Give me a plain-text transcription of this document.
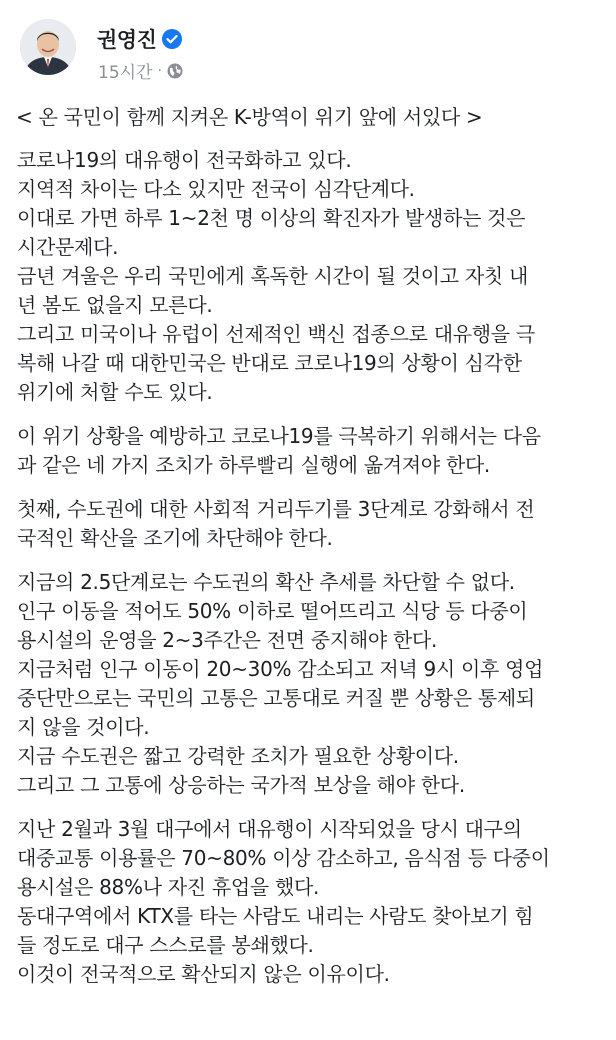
권영진
15시간 ·

< 온 국민이 함께 지켜온 K-방역이 위기 앞에 서있다 >

코로나19의 대유행이 전국화하고 있다.
지역적 차이는 다소 있지만 전국이 심각단계다.
이대로 가면 하루 1~2천 명 이상의 확진자가 발생하는 것은
시간문제다.
금년 겨울은 우리 국민에게 혹독한 시간이 될 것이고 자칫 내
년 봄도 없을지 모른다.
그리고 미국이나 유럽이 선제적인 백신 접종으로 대유행을 극
복해 나갈 때 대한민국은 반대로 코로나19의 상황이 심각한
위기에 처할 수도 있다.

이 위기 상황을 예방하고 코로나19를 극복하기 위해서는 다음
과 같은 네 가지 조치가 하루빨리 실행에 옮겨져야 한다.

첫째, 수도권에 대한 사회적 거리두기를 3단계로 강화해서 전
국적인 확산을 조기에 차단해야 한다.

지금의 2.5단계로는 수도권의 확산 추세를 차단할 수 없다.
인구 이동을 적어도 50% 이하로 떨어뜨리고 식당 등 다중이
용시설의 운영을 2~3주간은 전면 중지해야 한다.
지금처럼 인구 이동이 20~30% 감소되고 저녁 9시 이후 영업
중단만으로는 국민의 고통은 고통대로 커질 뿐 상황은 통제되
지 않을 것이다.
지금 수도권은 짧고 강력한 조치가 필요한 상황이다.
그리고 그 고통에 상응하는 국가적 보상을 해야 한다.

지난 2월과 3월 대구에서 대유행이 시작되었을 당시 대구의
대중교통 이용률은 70~80% 이상 감소하고, 음식점 등 다중이
용시설은 88%나 자진 휴업을 했다.
동대구역에서 KTX를 타는 사람도 내리는 사람도 찾아보기 힘
들 정도로 대구 스스로를 봉쇄했다.
이것이 전국적으로 확산되지 않은 이유이다.
